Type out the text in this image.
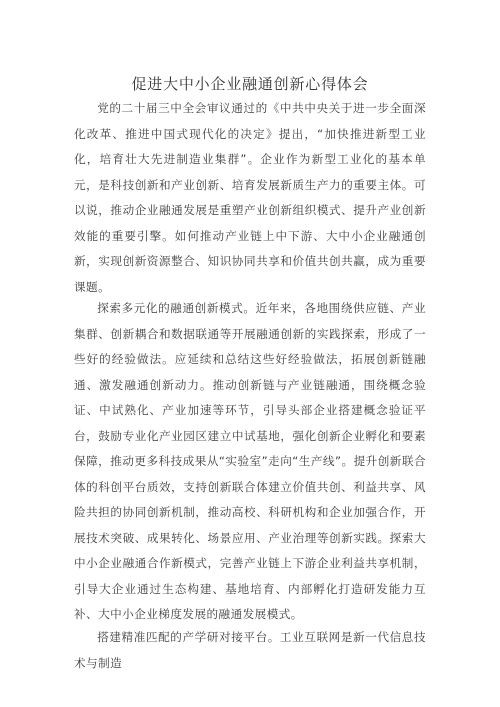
促进大中小企业融通创新心得体会

党的二十届三中全会审议通过的《中共中央关于进一步全面深化改革、推进中国式现代化的决定》提出，“加快推进新型工业化，培育壮大先进制造业集群”。企业作为新型工业化的基本单元，是科技创新和产业创新、培育发展新质生产力的重要主体。可以说，推动企业融通发展是重塑产业创新组织模式、提升产业创新效能的重要引擎。如何推动产业链上中下游、大中小企业融通创新，实现创新资源整合、知识协同共享和价值共创共赢，成为重要课题。

探索多元化的融通创新模式。近年来，各地围绕供应链、产业集群、创新耦合和数据联通等开展融通创新的实践探索，形成了一些好的经验做法。应延续和总结这些好经验做法，拓展创新链融通、激发融通创新动力。推动创新链与产业链融通，围绕概念验证、中试熟化、产业加速等环节，引导头部企业搭建概念验证平台，鼓励专业化产业园区建立中试基地，强化创新企业孵化和要素保障，推动更多科技成果从“实验室”走向“生产线”。提升创新联合体的科创平台质效，支持创新联合体建立价值共创、利益共享、风险共担的协同创新机制，推动高校、科研机构和企业加强合作，开展技术突破、成果转化、场景应用、产业治理等创新实践。探索大中小企业融通合作新模式，完善产业链上下游企业利益共享机制，引导大企业通过生态构建、基地培育、内部孵化打造研发能力互补、大中小企业梯度发展的融通发展模式。

搭建精准匹配的产学研对接平台。工业互联网是新一代信息技术与制造
